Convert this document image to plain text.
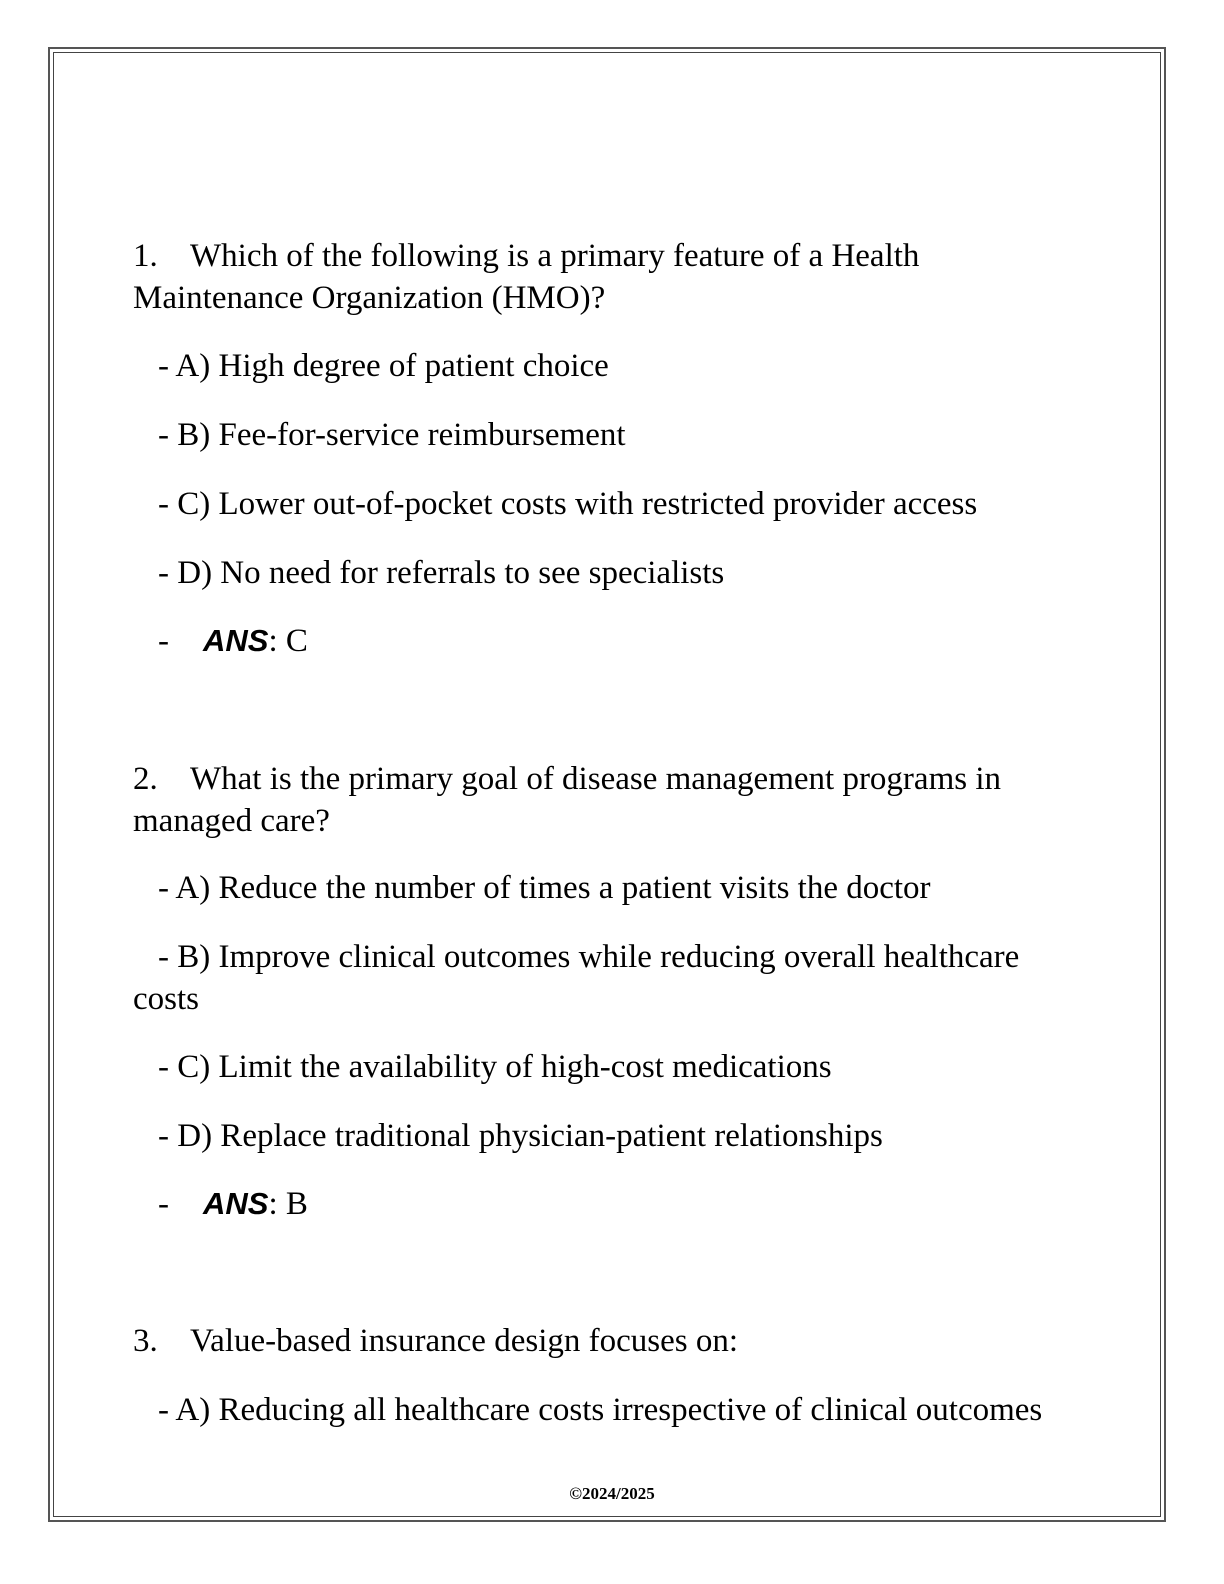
1. Which of the following is a primary feature of a Health Maintenance Organization (HMO)?

- A) High degree of patient choice

- B) Fee-for-service reimbursement

- C) Lower out-of-pocket costs with restricted provider access

- D) No need for referrals to see specialists

- ANS: C

2. What is the primary goal of disease management programs in managed care?

- A) Reduce the number of times a patient visits the doctor

- B) Improve clinical outcomes while reducing overall healthcare costs

- C) Limit the availability of high-cost medications

- D) Replace traditional physician-patient relationships

- ANS: B

3. Value-based insurance design focuses on:

- A) Reducing all healthcare costs irrespective of clinical outcomes

©2024/2025
